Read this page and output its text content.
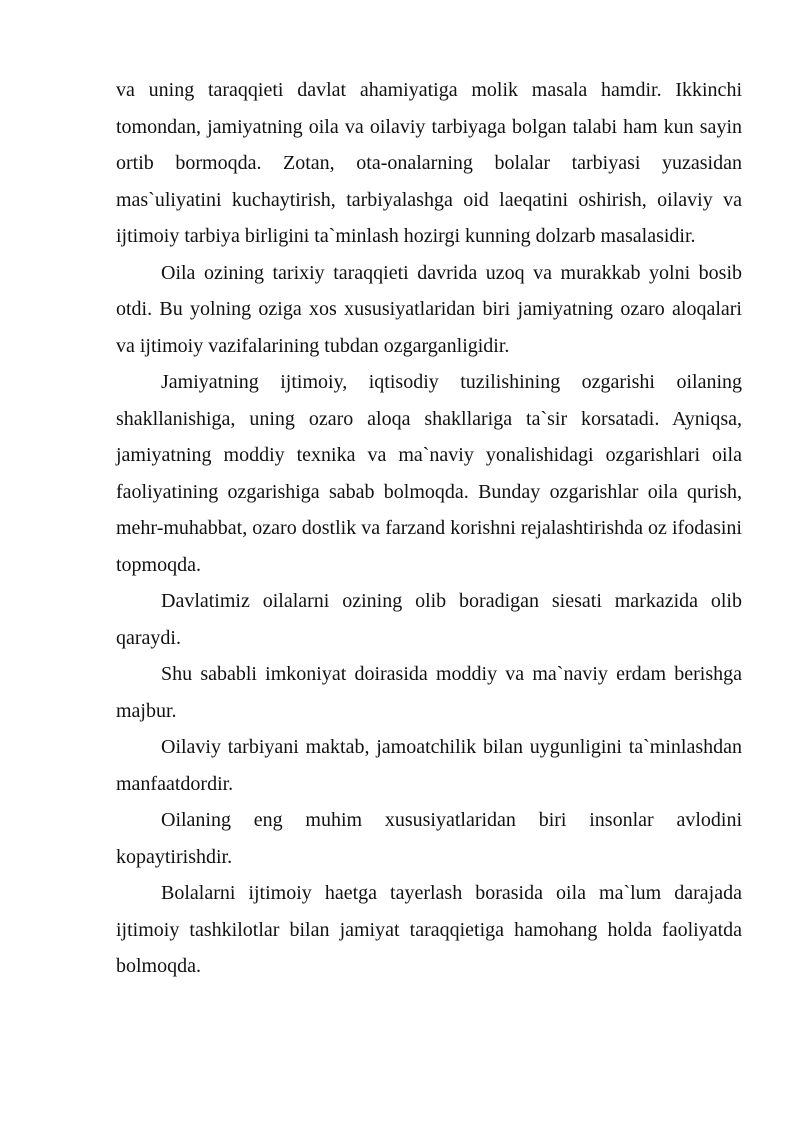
va uning taraqqieti davlat ahamiyatiga molik masala hamdir. Ikkinchi tomondan, jamiyatning oila va oilaviy tarbiyaga bolgan talabi ham kun sayin ortib bormoqda. Zotan, ota-onalarning bolalar tarbiyasi yuzasidan mas`uliyatini kuchaytirish, tarbiyalashga oid laeqatini oshirish, oilaviy va ijtimoiy tarbiya birligini ta`minlash hozirgi kunning dolzarb masalasidir.

Oila ozining tarixiy taraqqieti davrida uzoq va murakkab yolni bosib otdi. Bu yolning oziga xos xususiyatlaridan biri jamiyatning ozaro aloqalari va ijtimoiy vazifalarining tubdan ozgarganligidir.

Jamiyatning ijtimoiy, iqtisodiy tuzilishining ozgarishi oilaning shakllanishiga, uning ozaro aloqa shakllariga ta`sir korsatadi. Ayniqsa, jamiyatning moddiy texnika va ma`naviy yonalishidagi ozgarishlari oila faoliyatining ozgarishiga sabab bolmoqda. Bunday ozgarishlar oila qurish, mehr-muhabbat, ozaro dostlik va farzand korishni rejalashtirishda oz ifodasini topmoqda.

Davlatimiz oilalarni ozining olib boradigan siesati markazida olib qaraydi.

Shu sababli imkoniyat doirasida moddiy va ma`naviy erdam berishga majbur.

Oilaviy tarbiyani maktab, jamoatchilik bilan uygunligini ta`minlashdan manfaatdordir.

Oilaning eng muhim xususiyatlaridan biri insonlar avlodini kopaytirishdir.

Bolalarni ijtimoiy haetga tayerlash borasida oila ma`lum darajada ijtimoiy tashkilotlar bilan jamiyat taraqqietiga hamohang holda faoliyatda bolmoqda.
